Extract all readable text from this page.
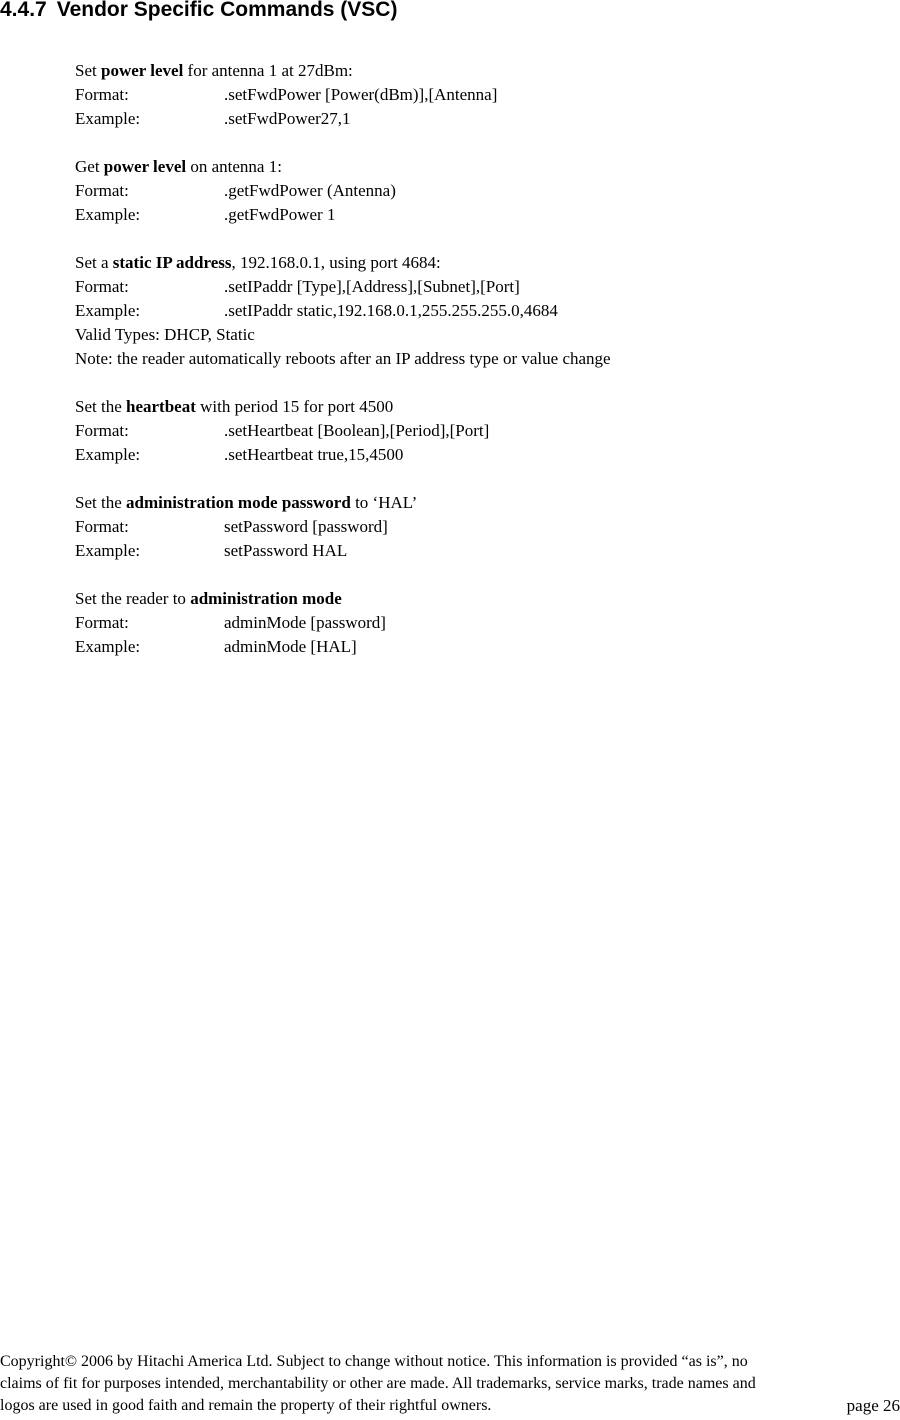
4.4.7 Vendor Specific Commands (VSC)
Set power level for antenna 1 at 27dBm:
Format:	.setFwdPower [Power(dBm)],[Antenna]
Example:	.setFwdPower27,1
Get power level on antenna 1:
Format:	.getFwdPower (Antenna)
Example:	.getFwdPower 1
Set a static IP address, 192.168.0.1, using port 4684:
Format:	.setIPaddr [Type],[Address],[Subnet],[Port]
Example:	.setIPaddr static,192.168.0.1,255.255.255.0,4684
Valid Types: DHCP, Static
Note: the reader automatically reboots after an IP address type or value change
Set the heartbeat with period 15 for port 4500
Format:	.setHeartbeat [Boolean],[Period],[Port]
Example:	.setHeartbeat true,15,4500
Set the administration mode password to ‘HAL’
Format:	setPassword [password]
Example:	setPassword HAL
Set the reader to administration mode
Format:	adminMode [password]
Example:	adminMode [HAL]
Copyright© 2006 by Hitachi America Ltd. Subject to change without notice. This information is provided “as is”, no
claims of fit for purposes intended, merchantability or other are made. All trademarks, service marks, trade names and
logos are used in good faith and remain the property of their rightful owners.	page 26
